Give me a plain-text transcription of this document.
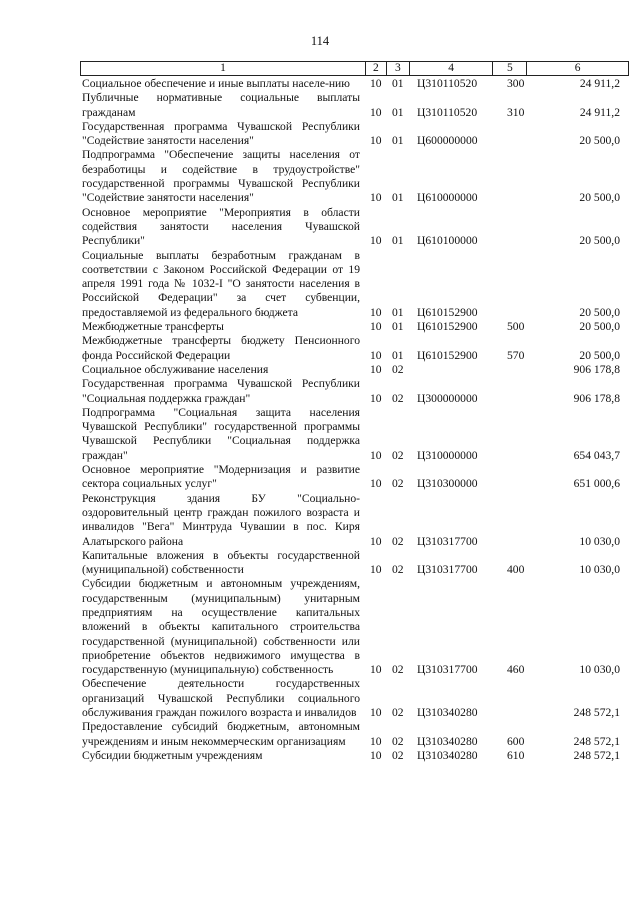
114
1	2	3	4	5	6
Социальное обеспечение и иные выплаты населе-нию	10 01	Ц310110520	300	24 911,2
Публичные нормативные социальные выплаты гражданам	10 01	Ц310110520	310	24 911,2
Государственная программа Чувашской Республики "Содействие занятости населения"	10 01	Ц600000000	20 500,0
Подпрограмма "Обеспечение защиты населения от безработицы и содействие в трудоустройстве" государственной программы Чувашской Республики "Содействие занятости населения"	10 01	Ц610000000	20 500,0
Основное мероприятие "Мероприятия в области содействия занятости населения Чувашской Республики"	10 01	Ц610100000	20 500,0
Социальные выплаты безработным гражданам в соответствии с Законом Российской Федерации от 19 апреля 1991 года № 1032-I "О занятости населения в Российской Федерации" за счет субвенции, предоставляемой из федерального бюджета	10 01	Ц610152900	20 500,0
Межбюджетные трансферты	10 01	Ц610152900	500	20 500,0
Межбюджетные трансферты бюджету Пенсионного фонда Российской Федерации	10 01	Ц610152900	570	20 500,0
Социальное обслуживание населения	10 02	906 178,8
Государственная программа Чувашской Республики "Социальная поддержка граждан"	10 02	Ц300000000	906 178,8
Подпрограмма "Социальная защита населения Чувашской Республики" государственной программы Чувашской Республики "Социальная поддержка граждан"	10 02	Ц310000000	654 043,7
Основное мероприятие "Модернизация и развитие сектора социальных услуг"	10 02	Ц310300000	651 000,6
Реконструкция здания БУ "Социально-оздоровительный центр граждан пожилого возраста и инвалидов "Вега" Минтруда Чувашии в пос. Киря Алатырского района	10 02	Ц310317700	10 030,0
Капитальные вложения в объекты государственной (муниципальной) собственности	10 02	Ц310317700	400	10 030,0
Субсидии бюджетным и автономным учреждениям, государственным (муниципальным) унитарным предприятиям на осуществление капитальных вложений в объекты капитального строительства государственной (муниципальной) собственности или приобретение объектов недвижимого имущества в государственную (муниципальную) собственность	10 02	Ц310317700	460	10 030,0
Обеспечение деятельности государственных организаций Чувашской Республики социального обслуживания граждан пожилого возраста и инвалидов	10 02	Ц310340280	248 572,1
Предоставление субсидий бюджетным, автономным учреждениям и иным некоммерческим организациям	10 02	Ц310340280	600	248 572,1
Субсидии бюджетным учреждениям	10 02	Ц310340280	610	248 572,1
